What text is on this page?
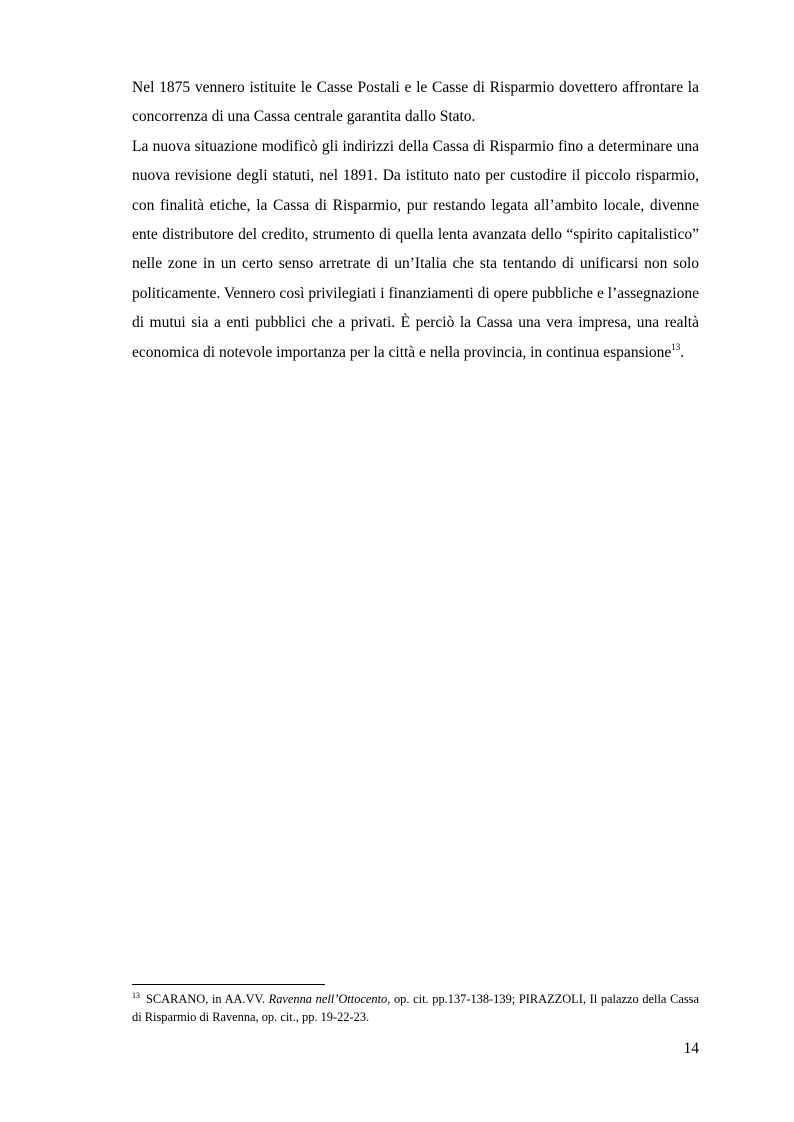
Nel 1875 vennero istituite le Casse Postali e le Casse di Risparmio dovettero affrontare la concorrenza di una Cassa centrale garantita dallo Stato.

La nuova situazione modificò gli indirizzi della Cassa di Risparmio fino a determinare una nuova revisione degli statuti, nel 1891. Da istituto nato per custodire il piccolo risparmio, con finalità etiche, la Cassa di Risparmio, pur restando legata all’ambito locale, divenne ente distributore del credito, strumento di quella lenta avanzata dello “spirito capitalistico” nelle zone in un certo senso arretrate di un’Italia che sta tentando di unificarsi non solo politicamente. Vennero così privilegiati i finanziamenti di opere pubbliche e l’assegnazione di mutui sia a enti pubblici che a privati. È perciò la Cassa una vera impresa, una realtà economica di notevole importanza per la città e nella provincia, in continua espansione$^{13}$.

$^{13}$ SCARANO, in AA.VV. Ravenna nell’Ottocento, op. cit. pp.137-138-139; PIRAZZOLI, Il palazzo della Cassa di Risparmio di Ravenna, op. cit., pp. 19-22-23.
14
